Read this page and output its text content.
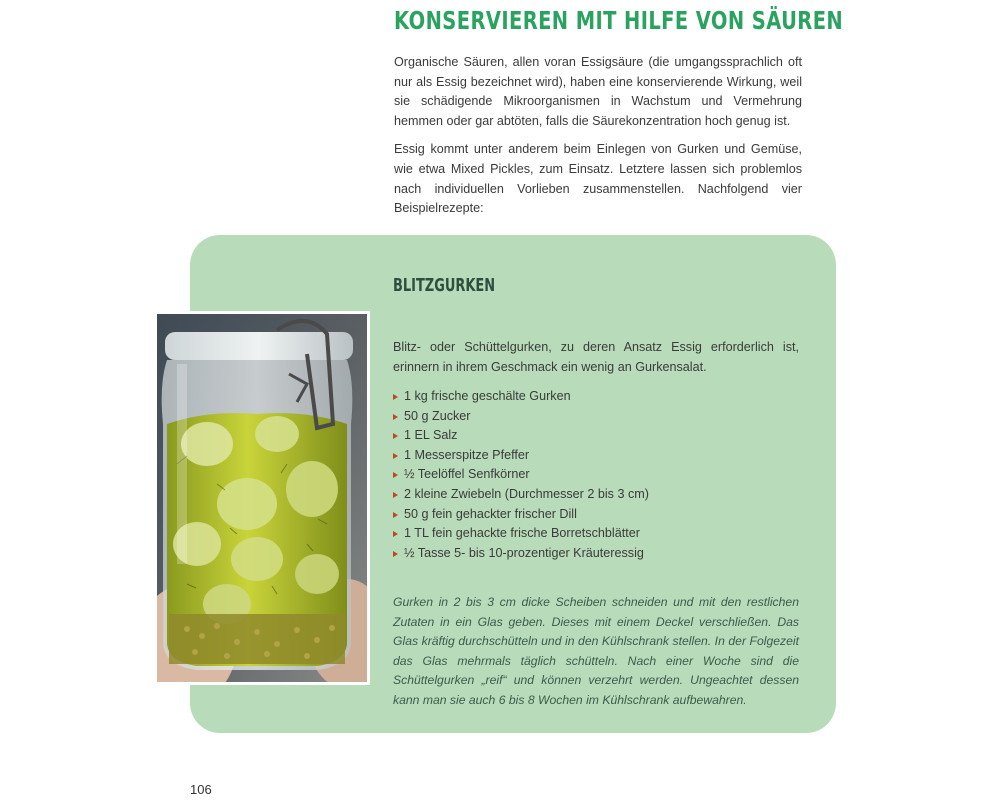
KONSERVIEREN MIT HILFE VON SÄUREN

Organische Säuren, allen voran Essigsäure (die umgangssprachlich oft nur als Essig bezeichnet wird), haben eine konservierende Wirkung, weil sie schädigende Mikroorganismen in Wachstum und Vermehrung hemmen oder gar abtöten, falls die Säurekonzentration hoch genug ist.

Essig kommt unter anderem beim Einlegen von Gurken und Gemüse, wie etwa Mixed Pickles, zum Einsatz. Letztere lassen sich problemlos nach individuellen Vorlieben zusammenstellen. Nachfolgend vier Beispielrezepte:

BLITZGURKEN

Blitz- oder Schüttelgurken, zu deren Ansatz Essig erforderlich ist, erinnern in ihrem Geschmack ein wenig an Gurkensalat.

1 kg frische geschälte Gurken
50 g Zucker
1 EL Salz
1 Messerspitze Pfeffer
½ Teelöffel Senfkörner
2 kleine Zwiebeln (Durchmesser 2 bis 3 cm)
50 g fein gehackter frischer Dill
1 TL fein gehackte frische Borretschblätter
½ Tasse 5- bis 10-prozentiger Kräuteressig

Gurken in 2 bis 3 cm dicke Scheiben schneiden und mit den restlichen Zutaten in ein Glas geben. Dieses mit einem Deckel verschließen. Das Glas kräftig durchschütteln und in den Kühlschrank stellen. In der Folgezeit das Glas mehrmals täglich schütteln. Nach einer Woche sind die Schüttelgurken „reif“ und können verzehrt werden. Ungeachtet dessen kann man sie auch 6 bis 8 Wochen im Kühlschrank aufbewahren.

106
